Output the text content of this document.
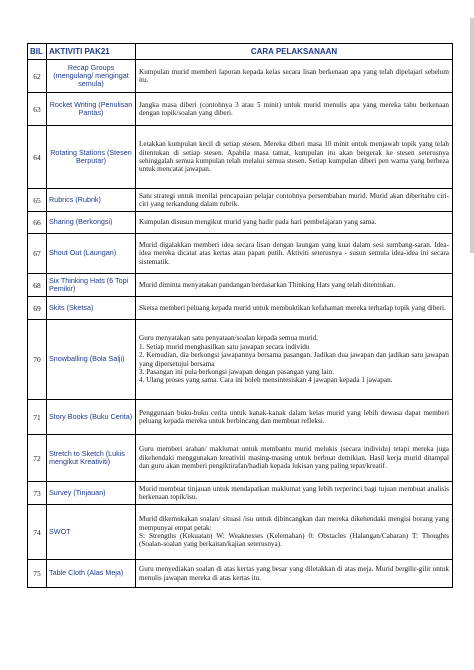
BIL	AKTIVITI PAK21	CARA PELAKSANAAN
62	Recap Groups (mengulang/ mengingat semula)	Kumpulan murid memberi laporan kepada kelas secara lisan berkenaan apa yang telah dipelajari sebelum itu.

63	Rocket Writing (Penulisan Pantas)	Jangka masa diberi (contohnya 3 atau 5 minit) untuk murid menulis apa yang mereka tahu berkenaan dengan topik/soalan yang diberi.

64	Rotating Stations (Stesen Berputar)	Letakkan kumpulan kecil di setiap stesen. Mereka diberi masa 10 minit untuk menjawab topik yang telah ditentukan di setiap stesen. Apabila masa tamat, kumpulan itu akan bergerak ke stesen seterusnya sehinggalah semua kumpulan telah melalui semua stesen. Setiap kumpulan diberi pen warna yang berbeza untuk mencatat jawapan.

65	Rubrics (Rubrik)	Satu strategi untuk menilai pencapaian pelajar contohnya persembahan murid. Murid akan diberitahu ciri-ciri yang terkandung dalam rubrik.

66	Sharing (Berkongsi)	Kumpulan disusun mengikut murid yang hadir pada hari pembelajaran yang sama.

67	Shout Out (Laungan)	Murid digalakkan memberi idea secara lisan dengan laungan yang kuat dalam sesi sumbang-saran. Idea-idea mereka dicatat atas kertas atau papan putih. Aktiviti seterusnya - susun semula idea-idea ini secara sistematik.

68	Six Thinking Hats (6 Topi Pemikir)	Murid diminta menyatakan pandangan berdasarkan Thinking Hats yang telah ditentukan.

69	Skits (Sketsa)	Sketsa memberi peluang kepada murid untuk membuktikan kefahaman mereka terhadap topik yang diberi.

70	Snowballing (Bola Salji)	Guru menyatakan satu penyataan/soalan kepada semua murid.
1. Setiap murid menghasilkan satu jawapan secara individu
2. Kemudian, dia berkongsi jawapannya bersama pasangan. Jadikan dua jawapan dan jadikan satu jawapan yang dipersetujui bersama
3. Pasangan ini pula berkongsi jawapan dengan pasangan yang lain.
4. Ulang proses yang sama. Cara ini boleh mensintesiskan 4 jawapan kepada 1 jawapan.

71	Story Books (Buku Cerita)	Penggunaan buku-buku cerita untuk kanak-kanak dalam kelas murid yang lebih dewasa dapat memberi peluang kepada mereka untuk berbincang dan membuat refleksi.

72	Stretch to Sketch (Lukis mengikut Kreativiti)	Guru memberi arahan/ maklumat untuk membantu murid melukis (secara individu) tetapi mereka juga dikehendaki menggunakan kreativiti masing-masing untuk berbuat demikian. Hasil kerja murid ditampal dan guru akan memberi pengiktirafan/hadiah kepada lukisan yang paling tepat/kreatif.

73	Survey (Tinjauan)	Murid membuat tinjauan untuk mendapatkan maklumat yang lebih terperinci bagi tujuan membuat analisis berkenaan topik/isu.

74	SWOT	Murid dikemukakan soalan/ situasi /isu untuk dibincangkan dan mereka dikehendaki mengisi borang yang mempunyai empat petak:
S: Strengths (Kekuatan) W: Weaknesses (Kelemahan) 0: Obstacles (Halangan/Cabaran) T: Thoughts (Soalan-soalan yang berkaitan/kajian seterusnya).

75	Table Cloth (Alas Meja)	Guru menyediakan soalan di atas kertas yang besar yang diletakkan di atas meja. Murid bergilir-gilir untuk menulis jawapan mereka di atas kertas itu.
